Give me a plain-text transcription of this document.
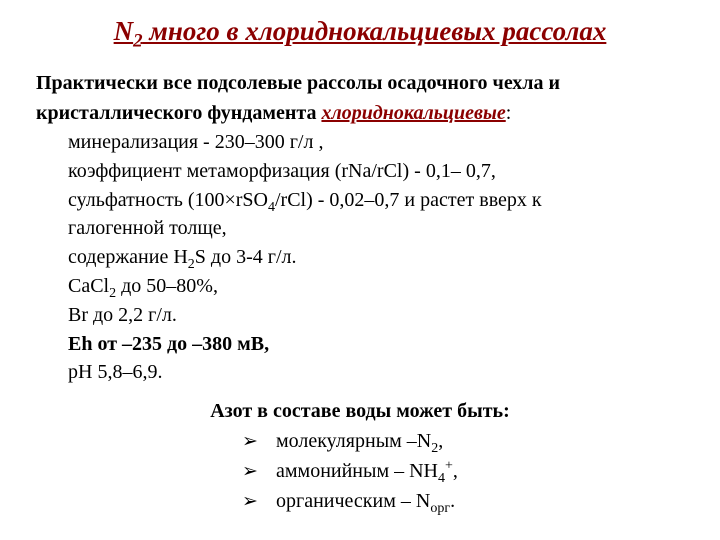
$N_2$ много в хлориднокальциевых рассолах
Практически все подсолевые рассолы осадочного чехла и кристаллического фундамента хлориднокальциевые:
минерализация - 230–300 г/л ,
коэффициент метаморфизация (rNa/rCl) - 0,1– 0,7,
сульфатность (100×rSO$_4$/rCl) - 0,02–0,7 и растет вверх к
галогенной толще,
содержание $H_2S$ до 3-4 г/л.
CaCl$_2$ до 50–80%,
Br до 2,2 г/л.
Eh от –235 до –380 мВ,
pH 5,8–6,9.
Азот в составе воды может быть:
➢ молекулярным $-N_2$,
➢ аммонийным – $NH_4^+$,
➢ органическим – $N_{орг}$.
